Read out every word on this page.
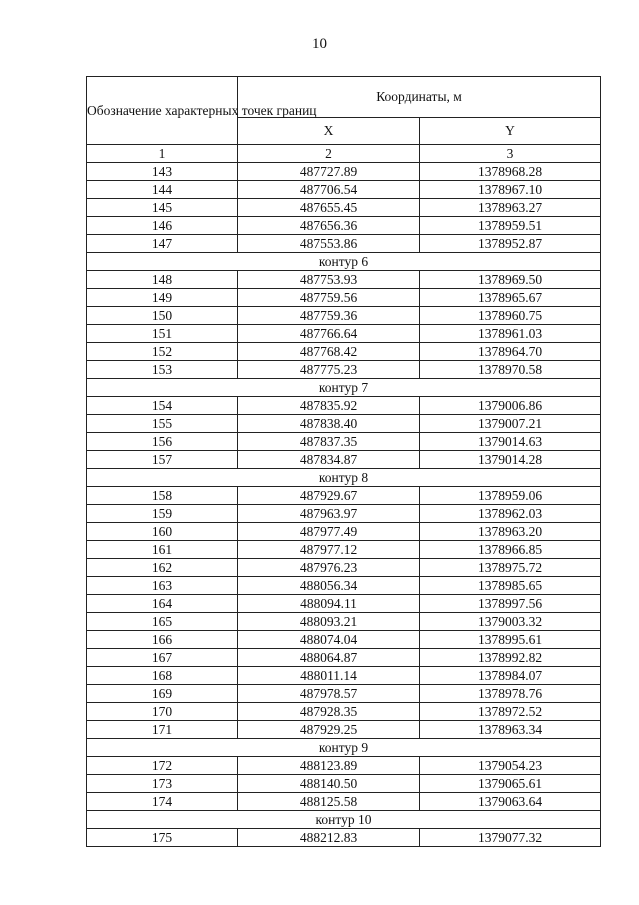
10
Обозначение характерных точек границ	Координаты, м	
	X	Y
1	2	3
143	487727.89	1378968.28
144	487706.54	1378967.10
145	487655.45	1378963.27
146	487656.36	1378959.51
147	487553.86	1378952.87
контур 6		
148	487753.93	1378969.50
149	487759.56	1378965.67
150	487759.36	1378960.75
151	487766.64	1378961.03
152	487768.42	1378964.70
153	487775.23	1378970.58
контур 7		
154	487835.92	1379006.86
155	487838.40	1379007.21
156	487837.35	1379014.63
157	487834.87	1379014.28
контур 8		
158	487929.67	1378959.06
159	487963.97	1378962.03
160	487977.49	1378963.20
161	487977.12	1378966.85
162	487976.23	1378975.72
163	488056.34	1378985.65
164	488094.11	1378997.56
165	488093.21	1379003.32
166	488074.04	1378995.61
167	488064.87	1378992.82
168	488011.14	1378984.07
169	487978.57	1378978.76
170	487928.35	1378972.52
171	487929.25	1378963.34
контур 9		
172	488123.89	1379054.23
173	488140.50	1379065.61
174	488125.58	1379063.64
контур 10		
175	488212.83	1379077.32
